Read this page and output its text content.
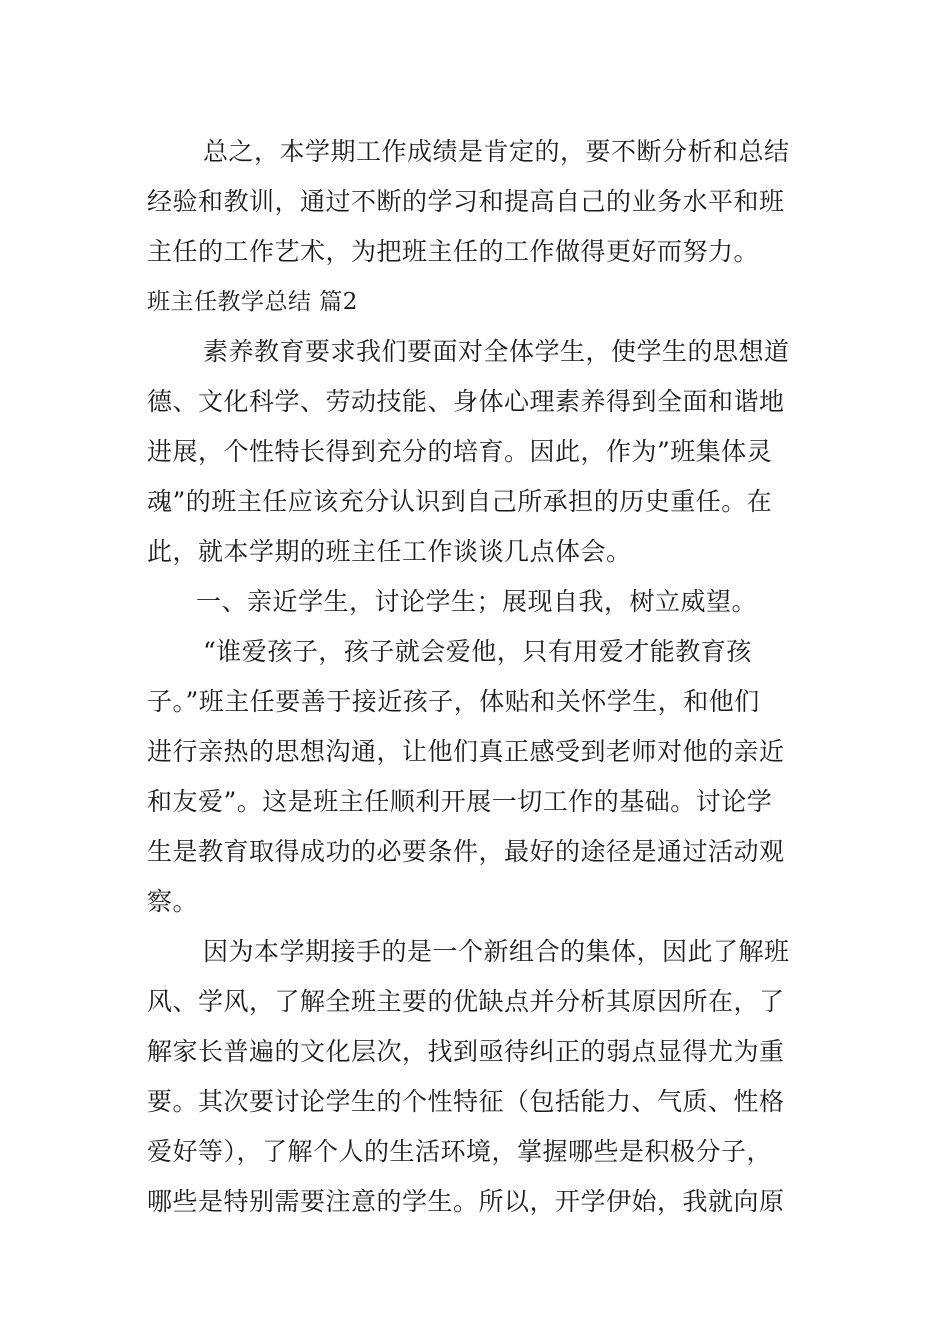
总之，本学期工作成绩是肯定的，要不断分析和总结
经验和教训，通过不断的学习和提高自己的业务水平和班
主任的工作艺术，为把班主任的工作做得更好而努力。
班主任教学总结 篇2
素养教育要求我们要面对全体学生，使学生的思想道
德、文化科学、劳动技能、身体心理素养得到全面和谐地
进展，个性特长得到充分的培育。因此，作为”班集体灵
魂”的班主任应该充分认识到自己所承担的历史重任。在
此，就本学期的班主任工作谈谈几点体会。
一、亲近学生，讨论学生；展现自我，树立威望。
“谁爱孩子，孩子就会爱他，只有用爱才能教育孩
子。”班主任要善于接近孩子，体贴和关怀学生，和他们
进行亲热的思想沟通，让他们真正感受到老师对他的亲近
和友爱”。这是班主任顺利开展一切工作的基础。讨论学
生是教育取得成功的必要条件，最好的途径是通过活动观
察。
因为本学期接手的是一个新组合的集体，因此了解班
风、学风，了解全班主要的优缺点并分析其原因所在，了
解家长普遍的文化层次，找到亟待纠正的弱点显得尤为重
要。其次要讨论学生的个性特征（包括能力、气质、性格
爱好等），了解个人的生活环境，掌握哪些是积极分子，
哪些是特别需要注意的学生。所以，开学伊始，我就向原
